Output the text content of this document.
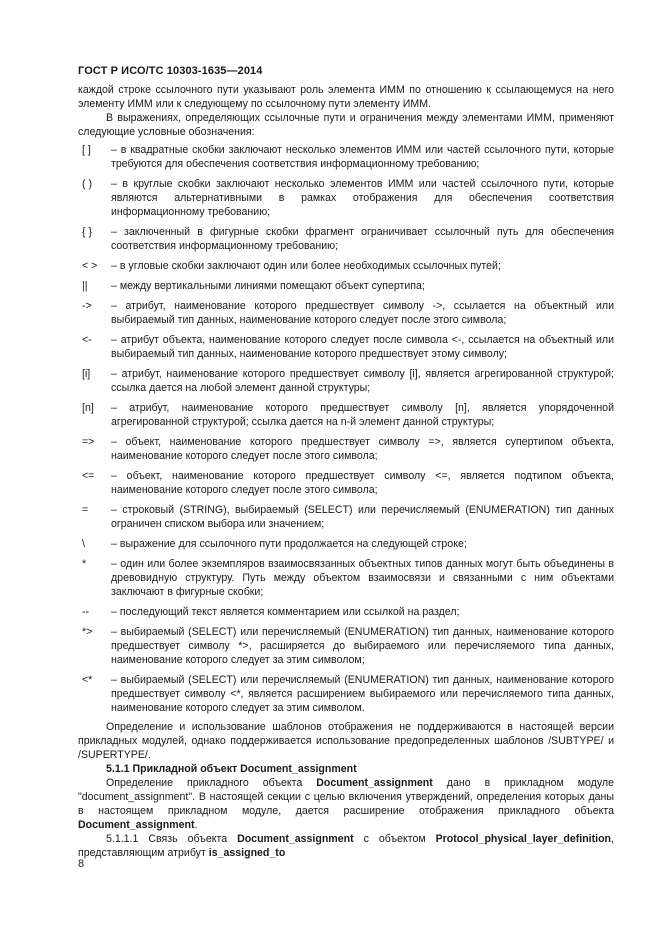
ГОСТ Р ИСО/ТС 10303-1635—2014

каждой строке ссылочного пути указывают роль элемента ИММ по отношению к ссылающемуся на него элементу ИММ или к следующему по ссылочному пути элементу ИММ.

В выражениях, определяющих ссылочные пути и ограничения между элементами ИММ, применяют следующие условные обозначения:

[ ]	– в квадратные скобки заключают несколько элементов ИММ или частей ссылочного пути, которые требуются для обеспечения соответствия информационному требованию;
( )	– в круглые скобки заключают несколько элементов ИММ или частей ссылочного пути, которые являются альтернативными в рамках отображения для обеспечения соответствия информационному требованию;
{ }	– заключенный в фигурные скобки фрагмент ограничивает ссылочный путь для обеспечения соответствия информационному требованию;
< >	– в угловые скобки заключают один или более необходимых ссылочных путей;
||	– между вертикальными линиями помещают объект супертипа;
->	– атрибут, наименование которого предшествует символу ->, ссылается на объектный или выбираемый тип данных, наименование которого следует после этого символа;
<-	– атрибут объекта, наименование которого следует после символа <-, ссылается на объектный или выбираемый тип данных, наименование которого предшествует этому символу;
[i]	– атрибут, наименование которого предшествует символу [i], является агрегированной структурой; ссылка дается на любой элемент данной структуры;
[n]	– атрибут, наименование которого предшествует символу [n], является упорядоченной агрегированной структурой; ссылка дается на n-й элемент данной структуры;
=>	– объект, наименование которого предшествует символу =>, является супертипом объекта, наименование которого следует после этого символа;
<=	– объект, наименование которого предшествует символу <=, является подтипом объекта, наименование которого следует после этого символа;
=	– строковый (STRING), выбираемый (SELECT) или перечисляемый (ENUMERATION) тип данных ограничен списком выбора или значением;
\	– выражение для ссылочного пути продолжается на следующей строке;
*	– один или более экземпляров взаимосвязанных объектных типов данных могут быть объединены в древовидную структуру. Путь между объектом взаимосвязи и связанными с ним объектами заключают в фигурные скобки;
--	– последующий текст является комментарием или ссылкой на раздел;
*>	– выбираемый (SELECT) или перечисляемый (ENUMERATION) тип данных, наименование которого предшествует символу *>, расширяется до выбираемого или перечисляемого типа данных, наименование которого следует за этим символом;
<*	– выбираемый (SELECT) или перечисляемый (ENUMERATION) тип данных, наименование которого предшествует символу <*, является расширением выбираемого или перечисляемого типа данных, наименование которого следует за этим символом.

Определение и использование шаблонов отображения не поддерживаются в настоящей версии прикладных модулей, однако поддерживается использование предопределенных шаблонов /SUBTYPE/ и /SUPERTYPE/.

5.1.1 Прикладной объект Document_assignment

Определение прикладного объекта Document_assignment дано в прикладном модуле "document_assignment". В настоящей секции с целью включения утверждений, определения которых даны в настоящем прикладном модуле, дается расширение отображения прикладного объекта Document_assignment.

5.1.1.1 Связь объекта Document_assignment с объектом Protocol_physical_layer_definition, представляющим атрибут is_assigned_to

8
